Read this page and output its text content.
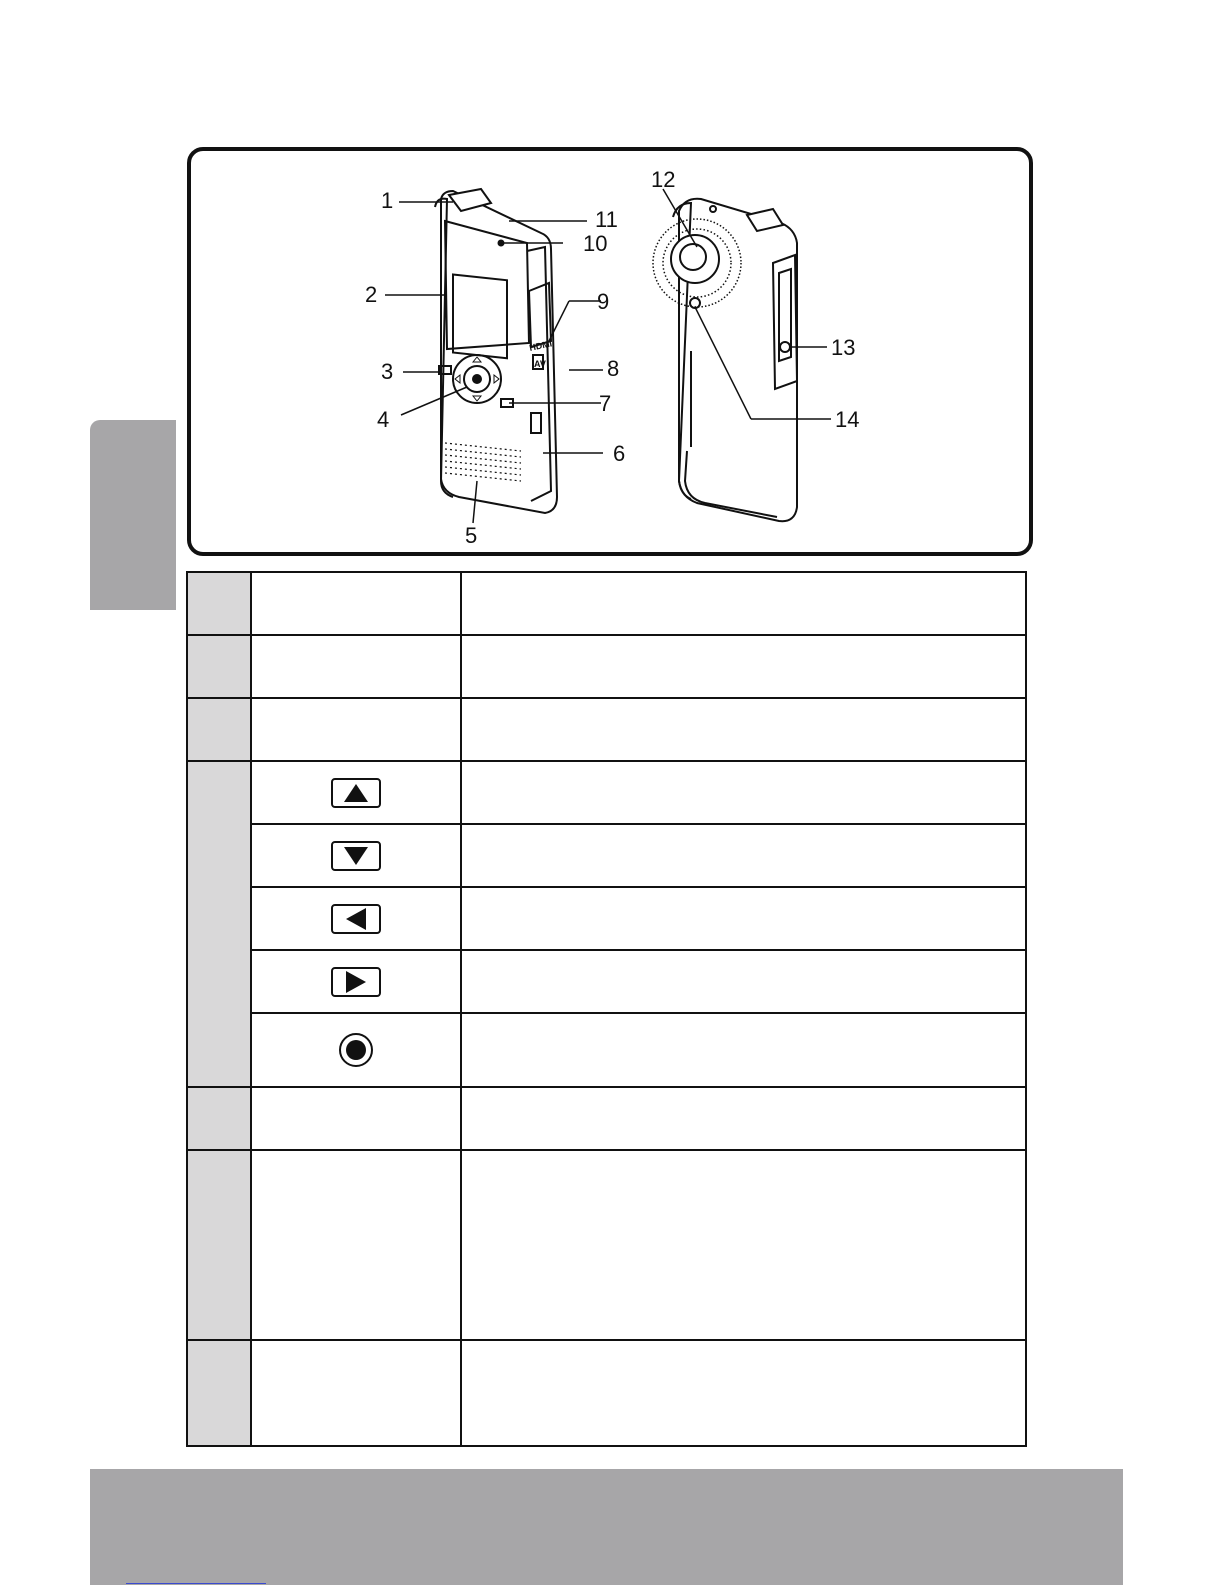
HDMI
AV
1
2
3
4
5
6
7
8
9
10
11
12
13
14
